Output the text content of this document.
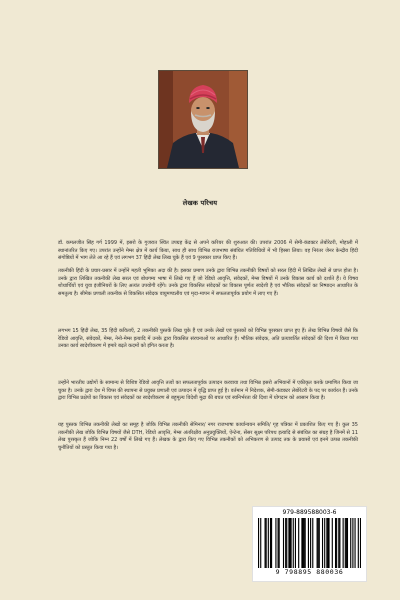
लेखक परिचय

डॉ. कमलजीत सिंह गर्ग 1999 में, इसरो के गुजरात स्थित उपग्रह केंद्र से अपने करियर की शुरुआत की। उपरांत 2006 में सेमी-कंडक्टर लेबोरेटरी, मोहाली में स्थानांतरित किए गए। उपरांत उन्होंने मेम्स क्षेत्र में कार्य किया, साथ ही साथ विभिन्न राजभाषा संबंधित गतिविधियों में भी हिस्सा लिया। वह निरंतर जेनर केन्द्रीय हिंदी संगोष्ठियों में भाग लेते आ रहे हैं एवं लगभग 37 हिंदी लेख लिख चुके हैं एवं 9 पुरस्कार प्राप्त किए हैं।

तकनीकी हिंदी के प्रचार-प्रसार में उन्होंने महती भूमिका अदा की है। इसका प्रमाण उनके द्वारा विभिन्न तकनीकी विषयों को सरल हिंदी में लिखित लेखों से प्राप्त होता है। उनके द्वारा लिखित तकनीकी लेख सरल एवं बोधगम्य भाषा में लिखे गए हैं जो रेडियो आवृत्ति, संवेदकों, मेम्स विषयों में उनके विकास कार्य को दर्शाते हैं। ये विषय शोधार्थियों एवं युवा इंजीनियरों के लिए अत्यंत उपयोगी रहेंगे। उनके द्वारा विकसित संवेदकों का विकास पूर्णतः स्वदेशी है एवं भौतिक संवेदकों का निष्पादन आधारित के समतुल्य है। सीमेक प्रणाली तकनीक से विकसित संवेदक वायुमण्डलीय एवं मृदा-मापन में सफलतापूर्वक प्रयोग में लाए गए हैं।

लगभग 15 हिंदी लेख, 35 हिंदी कविताएँ, 2 तकनीकी पुस्तकें लिख चुके हैं एवं उनके लेखों एवं पुस्तकों को विभिन्न पुरस्कार प्राप्त हुए हैं। लेख विभिन्न विषयों जैसे कि रेडियो आवृत्ति, संवेदकों, मेम्स, नेनो-मेम्स इत्यादि में उनके द्वारा विकसित संरचनाओं पर आधारित हैं। भौतिक संवेदक, अति प्रत्यावर्तित संवेदकों की दिशा में किया गया उनका कार्य स्वदेशीकरण में हमारे बढ़ते कदमों को इंगित करता है।

उन्होंने भारतीय उद्योगों के सामान्य से विशिष्ट रेडियो आवृत्ति तत्वों का सफलतापूर्वक उत्पादन करवाया तथा विभिन्न इसरो अभियानों में एकीकृत करके प्रमाणित किया जा चुका है। उनके द्वारा देश में चिप्स की स्थापना से प्रयुक्त प्रणाली एवं उत्पादन में वृद्धि प्राप्त हुई है। वर्तमान में निदेशक, सेमी-कंडक्टर लेबोरेटरी के पद पर कार्यरत हैं। उनके द्वारा विभिन्न प्रक्षेपों का विकास एवं संवेदकों का स्वदेशीकरण से बहुमूल्य विदेशी मुद्रा की बचत एवं स्वनिर्भरता की दिशा में योगदान को आसान किया है।

यह पुस्तक विभिन्न तकनीकी लेखों का समूह है जोकि विभिन्न तकनीकी सेमिनार/ नगर राजभाषा कार्यान्वयन समिति/ गृह पत्रिका में प्रकाशित किए गए हैं। कुल 35 तकनीकी लेख जोकि विभिन्न विषयों जैसे DTH, रेडियो आवृत्ति, मेम्स अंतरिक्षीय अनुप्रयुक्तियों, ऐन्टेना, सेंसर सूक्ष्म परिपथ इत्यादि से संबंधित का संग्रह है जिनमें से 11 लेख पुरस्कृत हैं जोकि निम्न 22 वर्षों में लिखे गए हैं। लेखक के द्वारा किए गए विभिन्न तकनीकों को अभिकरण से उत्पाद तक के प्रयासों एवं इनमे उत्पन्न तकनीकी चुनौतियों को प्रस्तुत किया गया है।

979-889588003-6
9 798895 880036
